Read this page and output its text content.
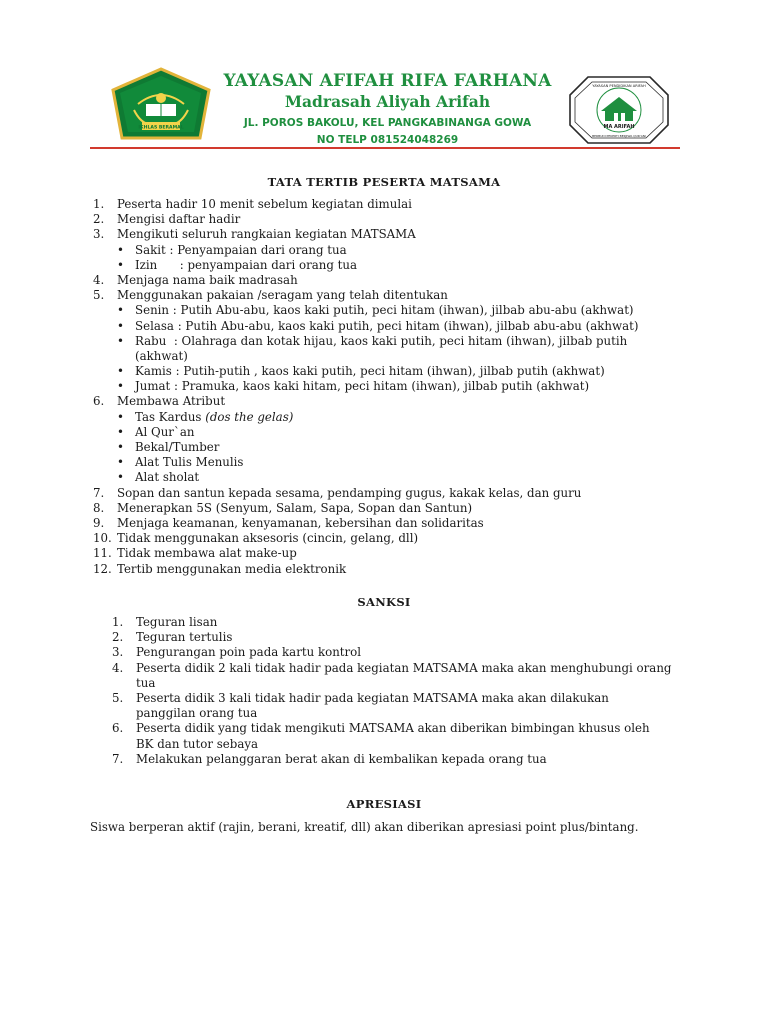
IKHLAS BERAMAL
YAYASAN AFIFAH RIFA FARHANA
Madrasah Aliyah Arifah
JL. POROS BAKOLU, KEL PANGKABINANGA GOWA
NO TELP 081524048269
MA ARIFAH
YAYASAN PENDIDIKAN ARIFAH
BERBUDI PEKERTI BERJIWA QUR'ANI
TATA TERTIB PESERTA MATSAMA
1. Peserta hadir 10 menit sebelum kegiatan dimulai
2. Mengisi daftar hadir
3. Mengikuti seluruh rangkaian kegiatan MATSAMA
• Sakit : Penyampaian dari orang tua
• Izin      : penyampaian dari orang tua
4. Menjaga nama baik madrasah
5. Menggunakan pakaian /seragam yang telah ditentukan
• Senin : Putih Abu-abu, kaos kaki putih, peci hitam (ihwan), jilbab abu-abu (akhwat)
• Selasa : Putih Abu-abu, kaos kaki putih, peci hitam (ihwan), jilbab abu-abu (akhwat)
• Rabu  : Olahraga dan kotak hijau, kaos kaki putih, peci hitam (ihwan), jilbab putih
(akhwat)
• Kamis : Putih-putih , kaos kaki putih, peci hitam (ihwan), jilbab putih (akhwat)
• Jumat : Pramuka, kaos kaki hitam, peci hitam (ihwan), jilbab putih (akhwat)
6. Membawa Atribut
• Tas Kardus (dos the gelas)
• Al Qur`an
• Bekal/Tumber
• Alat Tulis Menulis
• Alat sholat
7. Sopan dan santun kepada sesama, pendamping gugus, kakak kelas, dan guru
8. Menerapkan 5S (Senyum, Salam, Sapa, Sopan dan Santun)
9. Menjaga keamanan, kenyamanan, kebersihan dan solidaritas
10. Tidak menggunakan aksesoris (cincin, gelang, dll)
11. Tidak membawa alat make-up
12. Tertib menggunakan media elektronik
SANKSI
1. Teguran lisan
2. Teguran tertulis
3. Pengurangan poin pada kartu kontrol
4. Peserta didik 2 kali tidak hadir pada kegiatan MATSAMA maka akan menghubungi orang
tua
5. Peserta didik 3 kali tidak hadir pada kegiatan MATSAMA maka akan dilakukan
panggilan orang tua
6. Peserta didik yang tidak mengikuti MATSAMA akan diberikan bimbingan khusus oleh
BK dan tutor sebaya
7. Melakukan pelanggaran berat akan di kembalikan kepada orang tua
APRESIASI
Siswa berperan aktif (rajin, berani, kreatif, dll) akan diberikan apresiasi point plus/bintang.
